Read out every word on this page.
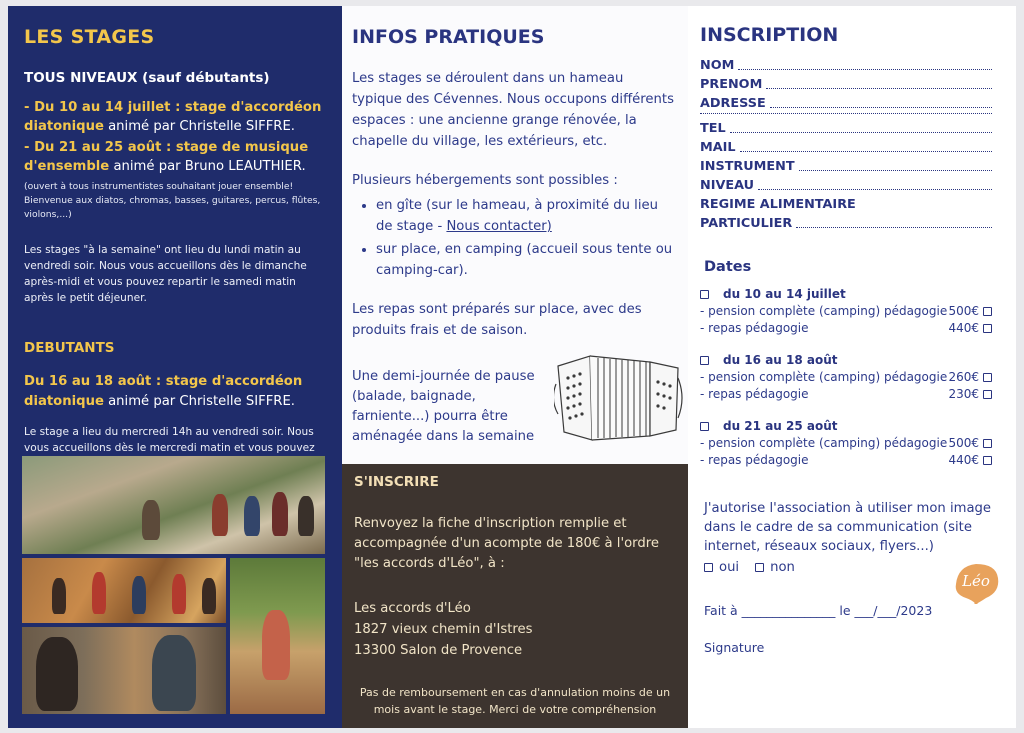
LES STAGES
TOUS NIVEAUX (sauf débutants)
- Du 10 au 14 juillet : stage d'accordéon diatonique animé par Christelle SIFFRE.
- Du 21 au 25 août : stage de musique d'ensemble animé par Bruno LEAUTHIER.
(ouvert à tous instrumentistes souhaitant jouer ensemble! Bienvenue aux diatos, chromas, basses, guitares, percus, flûtes, violons,...)
Les stages "à la semaine" ont lieu du lundi matin au vendredi soir. Nous vous accueillons dès le dimanche après-midi et vous pouvez repartir le samedi matin après le petit déjeuner.
DEBUTANTS
Du 16 au 18 août : stage d'accordéon diatonique animé par Christelle SIFFRE.
Le stage a lieu du mercredi 14h au vendredi soir. Nous vous accueillons dès le mercredi matin et vous pouvez
INFOS PRATIQUES
Les stages se déroulent dans un hameau typique des Cévennes. Nous occupons différents espaces : une ancienne grange rénovée, la chapelle du village, les extérieurs, etc.
Plusieurs hébergements sont possibles :
• en gîte (sur le hameau, à proximité du lieu de stage - Nous contacter)
• sur place, en camping (accueil sous tente ou camping-car).
Les repas sont préparés sur place, avec des produits frais et de saison.
Une demi-journée de pause (balade, baignade, farniente...) pourra être aménagée dans la semaine
S'INSCRIRE
Renvoyez la fiche d'inscription remplie et accompagnée d'un acompte de 180€ à l'ordre "les accords d'Léo", à :
Les accords d'Léo
1827 vieux chemin d'Istres
13300 Salon de Provence
Pas de remboursement en cas d'annulation moins de un mois avant le stage. Merci de votre compréhension
INSCRIPTION
NOM
PRENOM
ADRESSE
TEL
MAIL
INSTRUMENT
NIVEAU
REGIME ALIMENTAIRE
PARTICULIER
Dates
du 10 au 14 juillet
- pension complète (camping) pédagogie 500€
- repas pédagogie	440€
du 16 au 18 août
- pension complète (camping) pédagogie 260€
- repas pédagogie	230€
du 21 au 25 août
- pension complète (camping) pédagogie 500€
- repas pédagogie	440€
J'autorise l'association à utiliser mon image dans le cadre de sa communication (site internet, réseaux sociaux, flyers...)
oui non
Léo
Fait à _______________ le ___/___/2023
Signature
